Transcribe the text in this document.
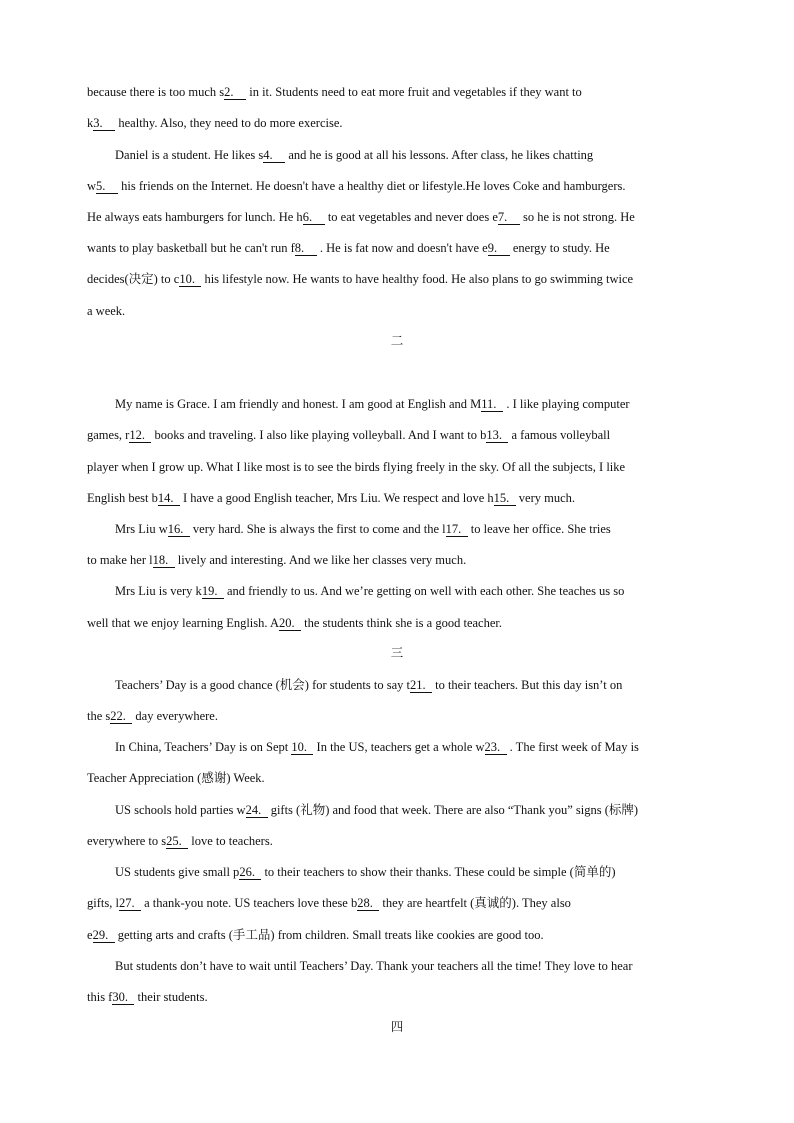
because there is too much s2. in it. Students need to eat more fruit and vegetables if they want to
k3. healthy. Also, they need to do more exercise.
Daniel is a student. He likes s4. and he is good at all his lessons. After class, he likes chatting
w5. his friends on the Internet. He doesn't have a healthy diet or lifestyle.He loves Coke and hamburgers.
He always eats hamburgers for lunch. He h6. to eat vegetables and never does e7. so he is not strong. He
wants to play basketball but he can't run f8. . He is fat now and doesn't have e9. energy to study. He
decides(决定) to c10. his lifestyle now. He wants to have healthy food. He also plans to go swimming twice
a week.
二
My name is Grace. I am friendly and honest. I am good at English and M11. . I like playing computer
games, r12. books and traveling. I also like playing volleyball. And I want to b13. a famous volleyball
player when I grow up. What I like most is to see the birds flying freely in the sky. Of all the subjects, I like
English best b14. I have a good English teacher, Mrs Liu. We respect and love h15. very much.
Mrs Liu w16. very hard. She is always the first to come and the l17. to leave her office. She tries
to make her l18. lively and interesting. And we like her classes very much.
Mrs Liu is very k19. and friendly to us. And we’re getting on well with each other. She teaches us so
well that we enjoy learning English. A20. the students think she is a good teacher.
三
Teachers’ Day is a good chance (机会) for students to say t21. to their teachers. But this day isn’t on
the s22. day everywhere.
In China, Teachers’ Day is on Sept 10. In the US, teachers get a whole w23. . The first week of May is
Teacher Appreciation (感谢) Week.
US schools hold parties w24. gifts (礼物) and food that week. There are also “Thank you” signs (标牌)
everywhere to s25. love to teachers.
US students give small p26. to their teachers to show their thanks. These could be simple (简单的)
gifts, l27. a thank-you note. US teachers love these b28. they are heartfelt (真诚的). They also
e29. getting arts and crafts (手工品) from children. Small treats like cookies are good too.
But students don’t have to wait until Teachers’ Day. Thank your teachers all the time! They love to hear
this f30. their students.
四
